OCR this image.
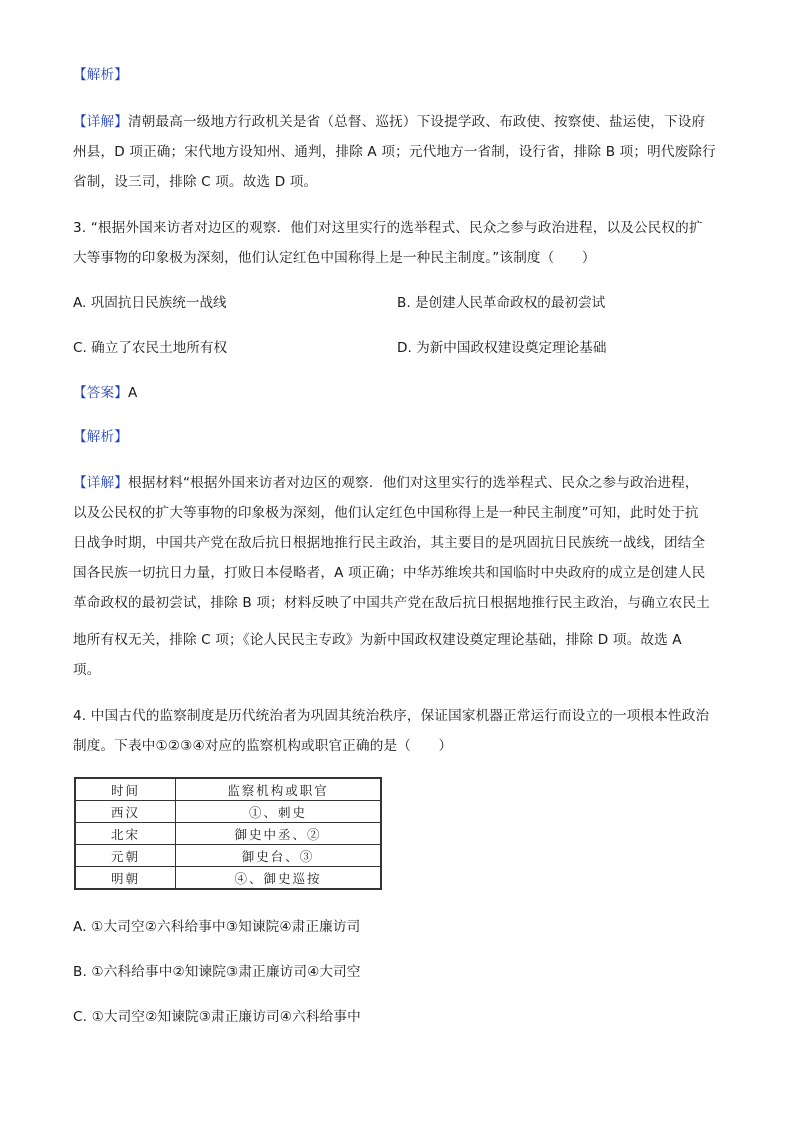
【解析】
【详解】清朝最高一级地方行政机关是省（总督、巡抚）下设提学政、布政使、按察使、盐运使，下设府
州县，D 项正确；宋代地方设知州、通判，排除 A 项；元代地方一省制，设行省，排除 B 项；明代废除行
省制，设三司，排除 C 项。故选 D 项。
3. “根据外国来访者对边区的观察．他们对这里实行的选举程式、民众之参与政治进程，以及公民权的扩
大等事物的印象极为深刻，他们认定红色中国称得上是一种民主制度。”该制度（　　）
A. 巩固抗日民族统一战线	B. 是创建人民革命政权的最初尝试
C. 确立了农民土地所有权	D. 为新中国政权建设奠定理论基础
【答案】A
【解析】
【详解】根据材料“根据外国来访者对边区的观察．他们对这里实行的选举程式、民众之参与政治进程，
以及公民权的扩大等事物的印象极为深刻，他们认定红色中国称得上是一种民主制度”可知，此时处于抗
日战争时期，中国共产党在敌后抗日根据地推行民主政治，其主要目的是巩固抗日民族统一战线，团结全
国各民族一切抗日力量，打败日本侵略者，A 项正确；中华苏维埃共和国临时中央政府的成立是创建人民
革命政权的最初尝试，排除 B 项；材料反映了中国共产党在敌后抗日根据地推行民主政治，与确立农民土
地所有权无关，排除 C 项；《论人民民主专政》为新中国政权建设奠定理论基础，排除 D 项。故选 A
项。
4. 中国古代的监察制度是历代统治者为巩固其统治秩序，保证国家机器正常运行而设立的一项根本性政治
制度。下表中①②③④对应的监察机构或职官正确的是（　　）
时间	监察机构或职官
西汉	①、刺史
北宋	御史中丞、②
元朝	御史台、③
明朝	④、御史巡按
A. ①大司空②六科给事中③知谏院④肃正廉访司
B. ①六科给事中②知谏院③肃正廉访司④大司空
C. ①大司空②知谏院③肃正廉访司④六科给事中
